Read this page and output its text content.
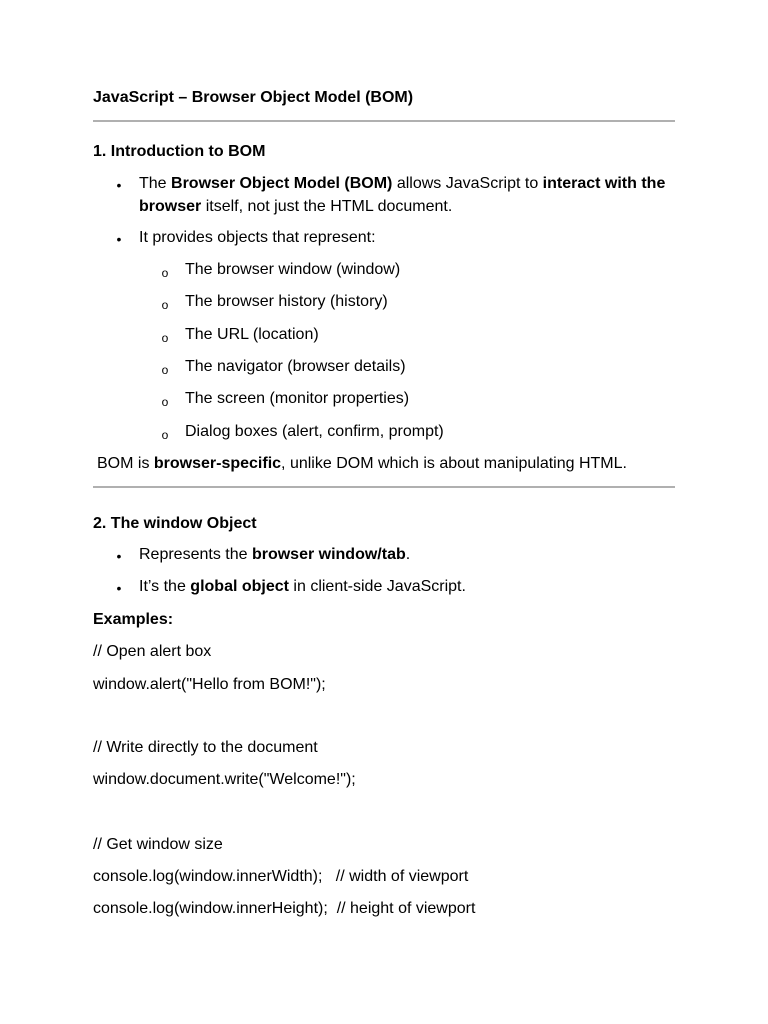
JavaScript – Browser Object Model (BOM)
1. Introduction to BOM
• The Browser Object Model (BOM) allows JavaScript to interact with the
browser itself, not just the HTML document.
• It provides objects that represent:
o The browser window (window)
o The browser history (history)
o The URL (location)
o The navigator (browser details)
o The screen (monitor properties)
o Dialog boxes (alert, confirm, prompt)
BOM is browser-specific, unlike DOM which is about manipulating HTML.
2. The window Object
• Represents the browser window/tab.
• It’s the global object in client-side JavaScript.
Examples:
// Open alert box
window.alert("Hello from BOM!");
// Write directly to the document
window.document.write("Welcome!");
// Get window size
console.log(window.innerWidth);   // width of viewport
console.log(window.innerHeight);  // height of viewport
